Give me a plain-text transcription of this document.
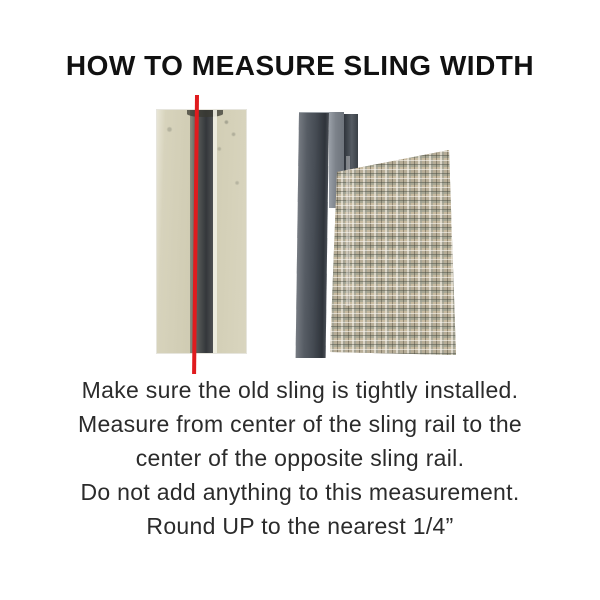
HOW TO MEASURE SLING WIDTH
Make sure the old sling is tightly installed.
Measure from center of the sling rail to the
center of the opposite sling rail.
Do not add anything to this measurement.
Round UP to the nearest 1/4”
